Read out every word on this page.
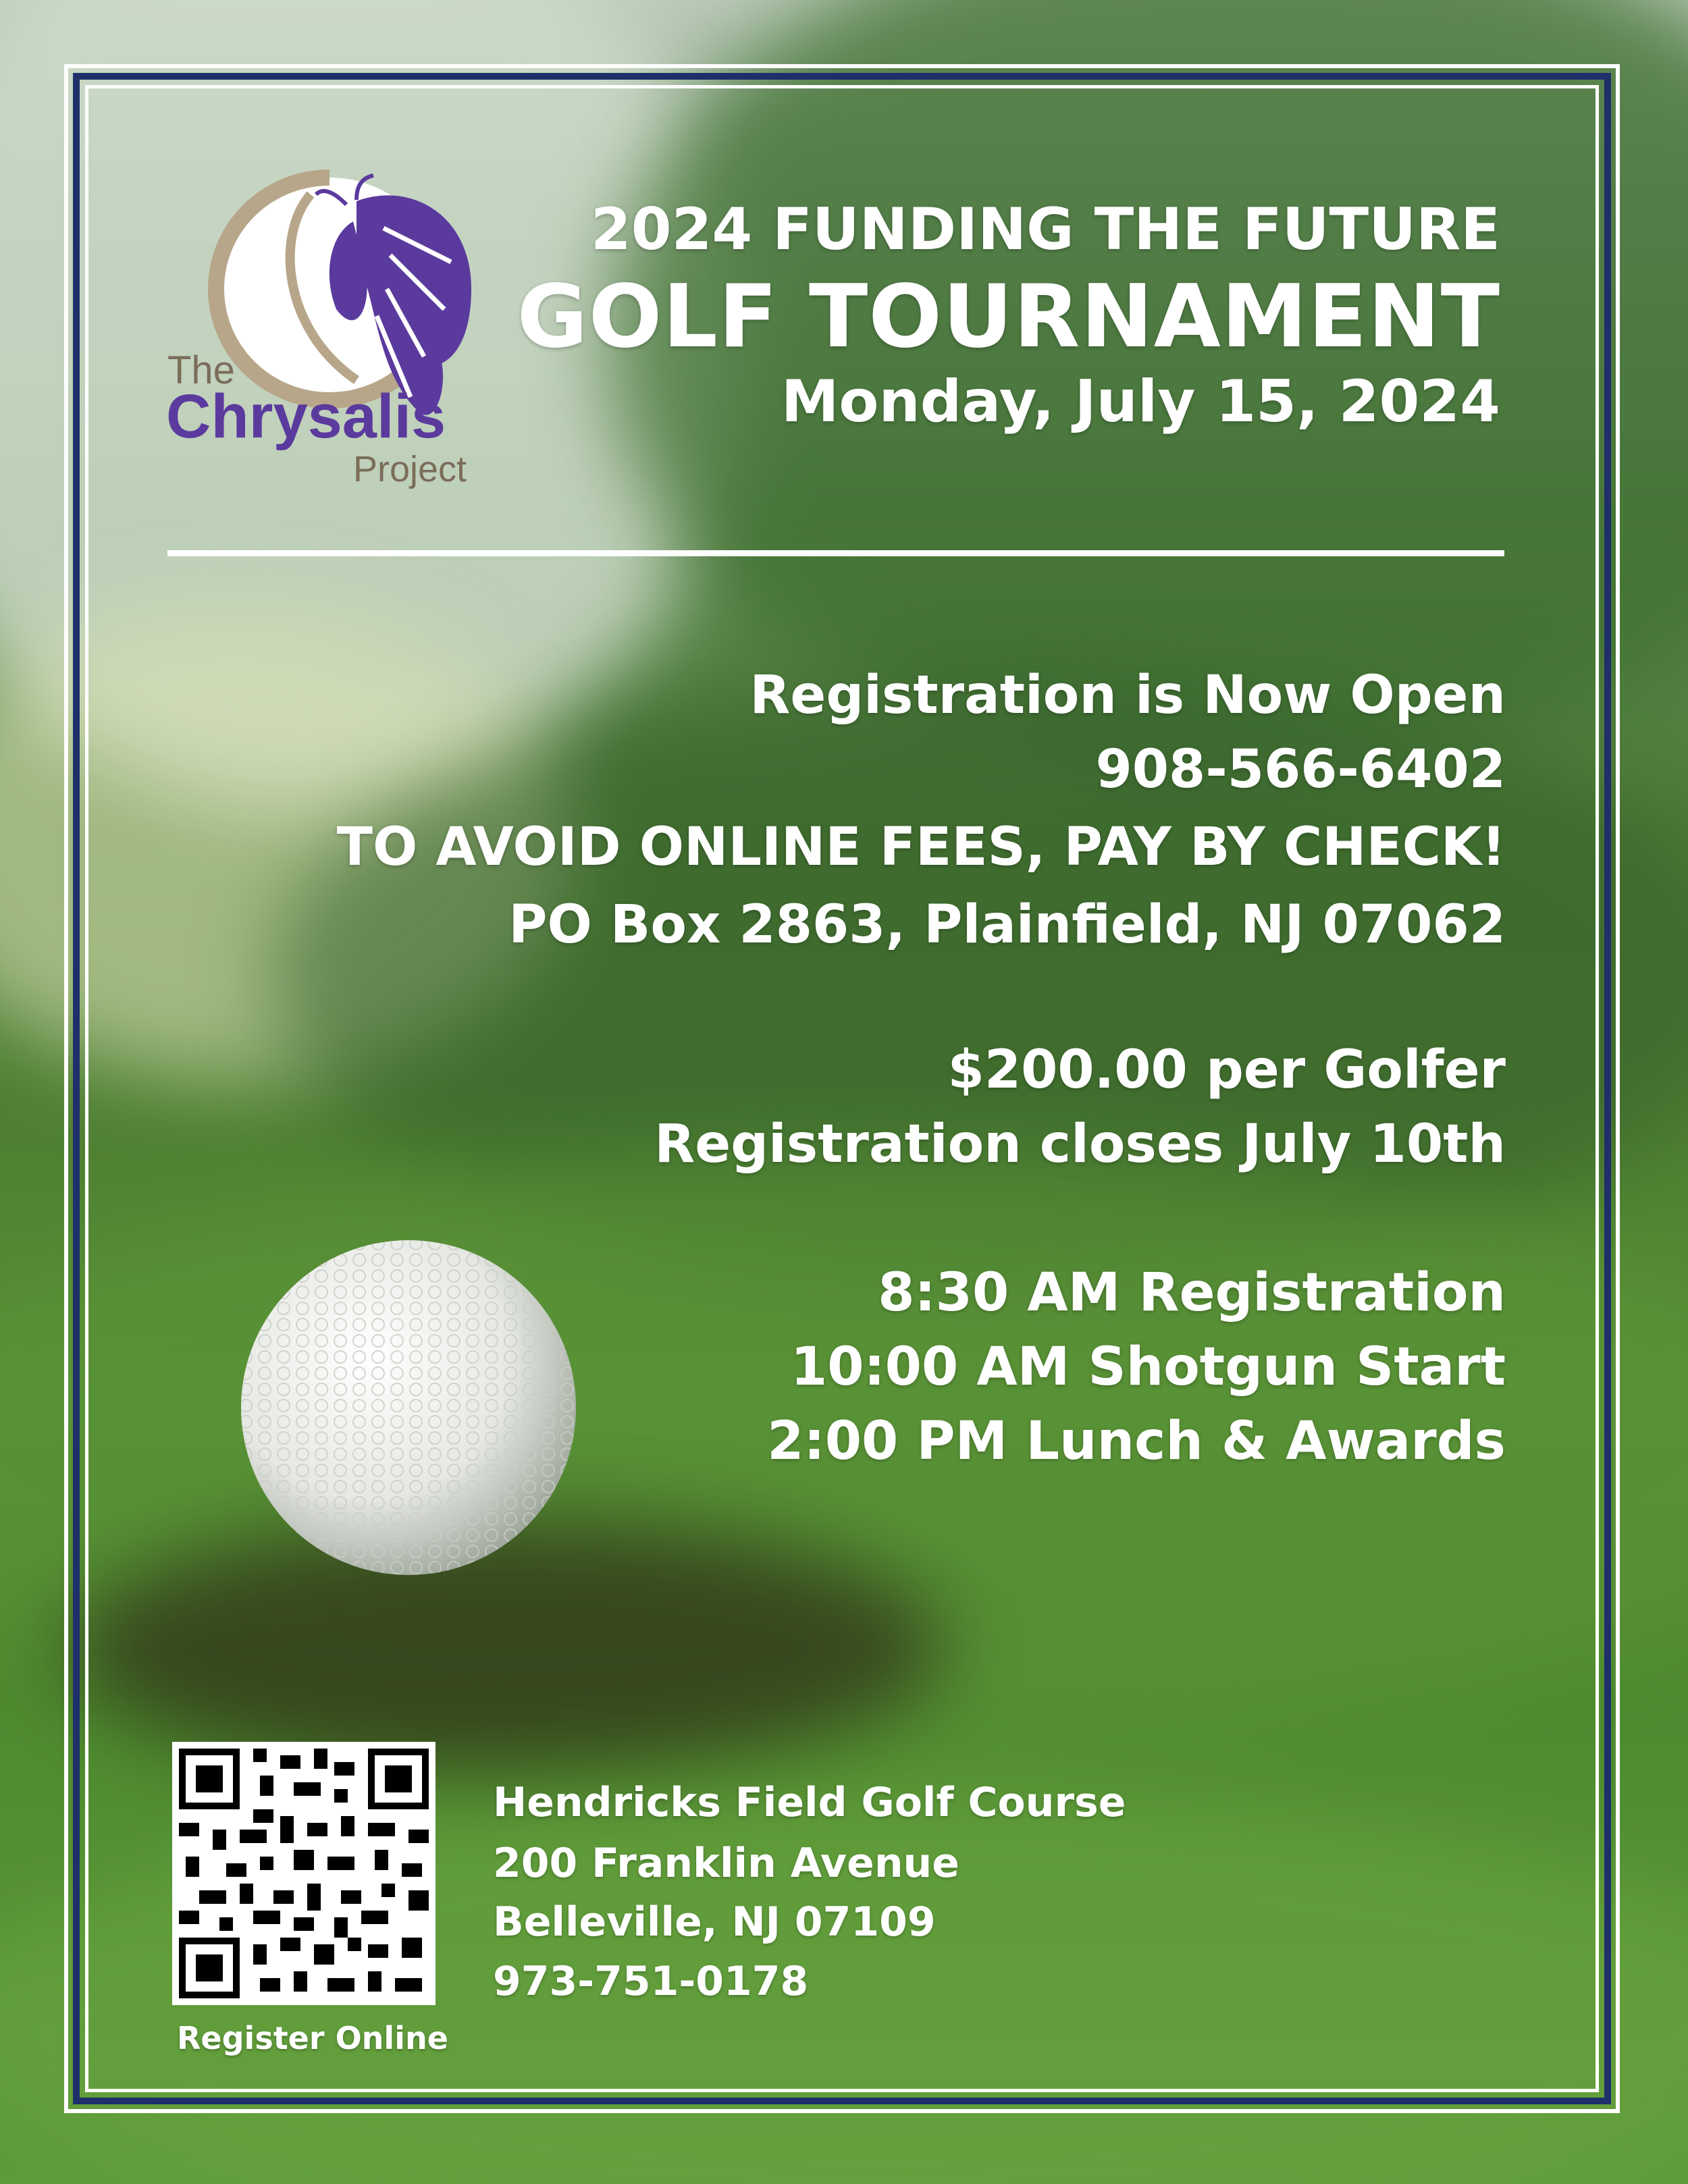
The
Chrysalis
Project
2024 FUNDING THE FUTURE
GOLF TOURNAMENT
Monday, July 15, 2024
Registration is Now Open
908-566-6402
TO AVOID ONLINE FEES, PAY BY CHECK!
PO Box 2863, Plainfield, NJ 07062
$200.00 per Golfer
Registration closes July 10th
8:30 AM Registration
10:00 AM Shotgun Start
2:00 PM Lunch & Awards
Register Online
Hendricks Field Golf Course
200 Franklin Avenue
Belleville, NJ 07109
973-751-0178
